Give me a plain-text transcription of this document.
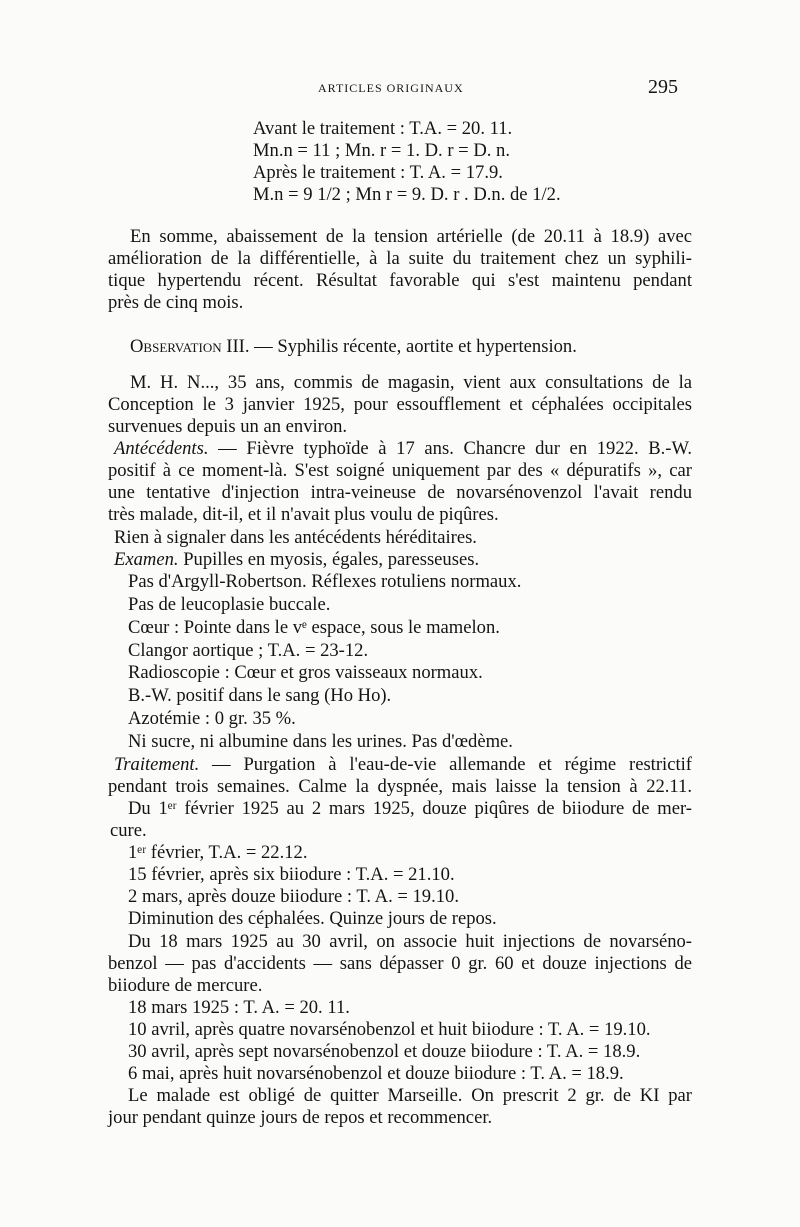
ARTICLES ORIGINAUX	295
Avant le traitement : T.A. = 20. 11.
Mn.n = 11 ; Mn. r = 1. D. r = D. n.
Après le traitement : T. A. = 17.9.
M.n = 9 1/2 ; Mn r = 9. D. r . D.n. de 1/2.
En somme, abaissement de la tension artérielle (de 20.11 à 18.9) avec
amélioration de la différentielle, à la suite du traitement chez un syphili-
tique hypertendu récent. Résultat favorable qui s'est maintenu pendant
près de cinq mois.
Observation III. — Syphilis récente, aortite et hypertension.
M. H. N..., 35 ans, commis de magasin, vient aux consultations de la
Conception le 3 janvier 1925, pour essoufflement et céphalées occipitales
survenues depuis un an environ.
Antécédents. — Fièvre typhoïde à 17 ans. Chancre dur en 1922. B.-W.
positif à ce moment-là. S'est soigné uniquement par des « dépuratifs », car
une tentative d'injection intra-veineuse de novarsénovenzol l'avait rendu
très malade, dit-il, et il n'avait plus voulu de piqûres.
Rien à signaler dans les antécédents héréditaires.
Examen. Pupilles en myosis, égales, paresseuses.
Pas d'Argyll-Robertson. Réflexes rotuliens normaux.
Pas de leucoplasie buccale.
Cœur : Pointe dans le vᵉ espace, sous le mamelon.
Clangor aortique ; T.A. = 23-12.
Radioscopie : Cœur et gros vaisseaux normaux.
B.-W. positif dans le sang (Ho Ho).
Azotémie : 0 gr. 35 %.
Ni sucre, ni albumine dans les urines. Pas d'œdème.
Traitement. — Purgation à l'eau-de-vie allemande et régime restrictif
pendant trois semaines. Calme la dyspnée, mais laisse la tension à 22.11.
Du 1ᵉʳ février 1925 au 2 mars 1925, douze piqûres de biiodure de mer-
cure.
1ᵉʳ février, T.A. = 22.12.
15 février, après six biiodure : T.A. = 21.10.
2 mars, après douze biiodure : T. A. = 19.10.
Diminution des céphalées. Quinze jours de repos.
Du 18 mars 1925 au 30 avril, on associe huit injections de novarséno-
benzol — pas d'accidents — sans dépasser 0 gr. 60 et douze injections de
biiodure de mercure.
18 mars 1925 : T. A. = 20. 11.
10 avril, après quatre novarsénobenzol et huit biiodure : T. A. = 19.10.
30 avril, après sept novarsénobenzol et douze biiodure : T. A. = 18.9.
6 mai, après huit novarsénobenzol et douze biiodure : T. A. = 18.9.
Le malade est obligé de quitter Marseille. On prescrit 2 gr. de KI par
jour pendant quinze jours de repos et recommencer.
